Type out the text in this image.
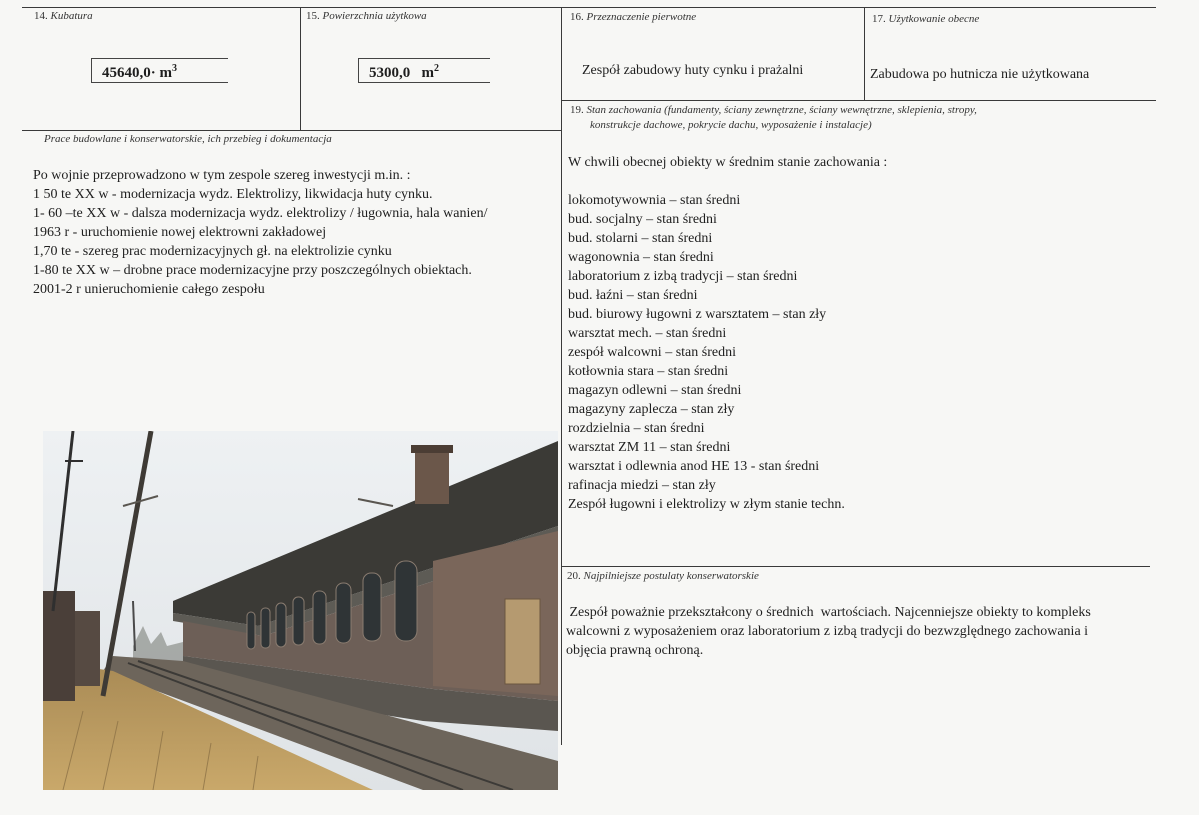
14. Kubatura
$45640,0\cdot m^3$
15. Powierzchnia użytkowa
5300,0 $m^2$
16. Przeznaczenie pierwotne
Zespół zabudowy huty cynku i prażalni
17. Użytkowanie obecne
Zabudowa po hutnicza nie użytkowana
Prace budowlane i konserwatorskie, ich przebieg i dokumentacja
Po wojnie przeprowadzono w tym zespole szereg inwestycji m.in. :
1 50 te XX w - modernizacja wydz. Elektrolizy, likwidacja huty cynku.
1- 60 –te XX w - dalsza modernizacja wydz. elektrolizy / ługownia, hala wanien/
1963 r - uruchomienie nowej elektrowni zakładowej
1,70 te - szereg prac modernizacyjnych gł. na elektrolizie cynku
1-80 te XX w – drobne prace modernizacyjne przy poszczególnych obiektach.
2001-2 r unieruchomienie całego zespołu
19. Stan zachowania (fundamenty, ściany zewnętrzne, ściany wewnętrzne, sklepienia, stropy,
konstrukcje dachowe, pokrycie dachu, wyposażenie i instalacje)
W chwili obecnej obiekty w średnim stanie zachowania :
lokomotywownia – stan średni
bud. socjalny – stan średni
bud. stolarni – stan średni
wagonownia – stan średni
laboratorium z izbą tradycji – stan średni
bud. łaźni – stan średni
bud. biurowy ługowni z warsztatem – stan zły
warsztat mech. – stan średni
zespół walcowni – stan średni
kotłownia stara – stan średni
magazyn odlewni – stan średni
magazyny zaplecza – stan zły
rozdzielnia – stan średni
warsztat ZM 11 – stan średni
warsztat i odlewnia anod HE 13 - stan średni
rafinacja miedzi – stan zły
Zespół ługowni i elektrolizy w złym stanie techn.
20. Najpilniejsze postulaty konserwatorskie
Zespół poważnie przekształcony o średnich  wartościach. Najcenniejsze obiekty to kompleks
walcowni z wyposażeniem oraz laboratorium z izbą tradycji do bezwzględnego zachowania i
objęcia prawną ochroną.
